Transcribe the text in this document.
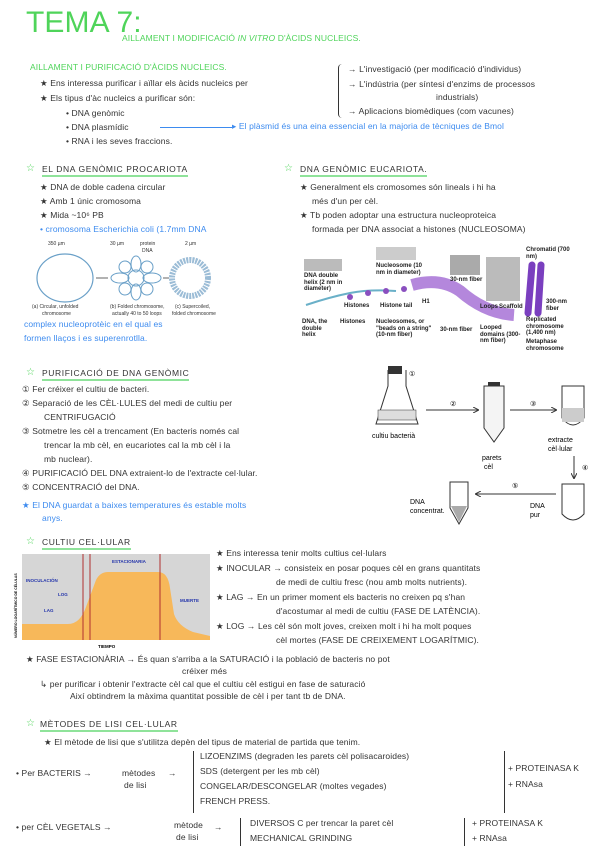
TEMA 7:
AILLAMENT I MODIFICACIÓ IN VITRO D'ÀCIDS NUCLEICS.
AILLAMENT I PURIFICACIÓ D'ÀCIDS NUCLEICS.
★ Ens interessa purificar i aïllar els àcids nucleics per
★ Els tipus d'àc nucleics a purificar són:
• DNA genòmic
• DNA plasmídic
• RNA i les seves fraccions.
▸ El plàsmid és una eina essencial en la majoria de tècniques de Bmol
→ L'investigació (per modificació d'individus)
→ L'indústria (per síntesi d'enzims de processos
industrials)
→ Aplicacions biomèdiques (com vacunes)
☆ EL DNA GENÒMIC PROCARIOTA
★ DNA de doble cadena circular
★ Amb 1 únic cromosoma
★ Mida ~10⁶ PB
• cromosoma Escherichia coli (1.7mm DNA
350 µm	30 µm	2 µm
protein
DNA
(a) Circular, unfolded
chromosome
(b) Folded chromosome,
actually 40 to 50 loops
(c) Supercoiled,
folded chromosome
complex nucleoprotèic en el qual es
formen llaços i es superenrotlla.
☆ DNA GENÒMIC EUCARIOTA.
★ Generalment els cromosomes són lineals i hi ha
més d'un per cèl.
★ Tb poden adoptar una estructura nucleoproteica
formada per DNA associat a histones (NUCLEOSOMA)
DNA double helix (2 nm in diameter)
Nucleosome (10 nm in diameter)
30-nm fiber
Chromatid (700 nm)
Histones	Histone tail
H1
Loops Scaffold
300-nm fiber
DNA, the double helix
Histones	Nucleosomes, or "beads on a string" (10-nm fiber)
30-nm fiber	Looped domains (300-nm fiber)
Replicated chromosome (1,400 nm)
Metaphase chromosome
☆ PURIFICACIÓ DE DNA GENÒMIC
① Fer créixer el cultiu de bacteri.
② Separació de les CÈL·LULES del medi de cultiu per
CENTRIFUGACIÓ
③ Sotmetre les cèl a trencament (En bacteris només cal
trencar la mb cèl, en eucariotes cal la mb cèl i la
mb nuclear).
④ PURIFICACIÓ DEL DNA extraient-lo de l'extracte cel·lular.
⑤ CONCENTRACIÓ del DNA.
★ El DNA guardat a baixes temperatures és estable molts
anys.
①
cultiu bacterià
②
parets
cèl
③
extracte
cèl·lular
④
DNA
pur
⑤
DNA
concentrat.
☆ CULTIU CEL·LULAR
ESTACIONARIA
INOCULACIÓN
LOG
LAG
MUERTE
TIEMPO
NÚMERO LOGARÍTMICO DE CÉLULAS
★ Ens interessa tenir molts cultius cel·lulars
★ INOCULAR → consisteix en posar poques cèl en grans quantitats
de medi de cultiu fresc (nou amb molts nutrients).
★ LAG → En un primer moment els bacteris no creixen pq s'han
d'acostumar al medi de cultiu (FASE DE LATÈNCIA).
★ LOG → Les cèl són molt joves, creixen molt i hi ha molt poques
cèl mortes (FASE DE CREIXEMENT LOGARÍTMIC).
★ FASE ESTACIONÀRIA → És quan s'arriba a la SATURACIÓ i la població de bacteris no pot
créixer més
↳ per purificar i obtenir l'extracte cèl cal que el cultiu cèl estigui en fase de saturació
Així obtindrem la màxima quantitat possible de cèl i per tant tb de DNA.
☆ MÈTODES DE LISI CEL·LULAR
★ El mètode de lisi que s'utilitza depèn del tipus de material de partida que tenim.
• Per BACTERIS →	mètodes
de lisi
→
LIZOENZIMS (degraden les parets cèl polisacaroides)
SDS (detergent per les mb cèl)
CONGELAR/DESCONGELAR (moltes vegades)
FRENCH PRESS.
+ PROTEINASA K
+ RNAsa
• per CÈL VEGETALS →	mètode
de lisi
→	DIVERSOS C per trencar la paret cèl
MECHANICAL GRINDING
+ PROTEINASA K
+ RNAsa
